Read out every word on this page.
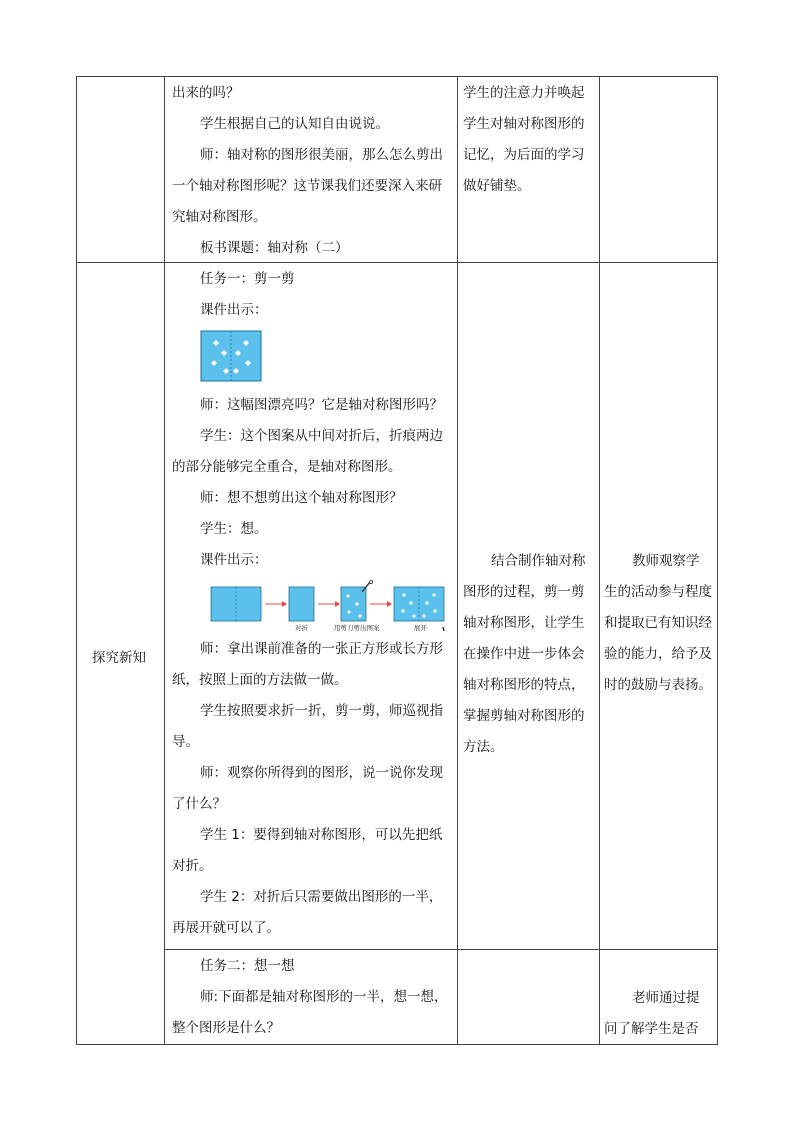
出来的吗？

学生根据自己的认知自由说说。

师：轴对称的图形很美丽，那么怎么剪出一个轴对称图形呢？这节课我们还要深入来研究轴对称图形。

板书课题：轴对称（二）

学生的注意力并唤起学生对轴对称图形的记忆，为后面的学习做好铺垫。

探究新知

任务一：剪一剪

课件出示：

师：这幅图漂亮吗？它是轴对称图形吗？

学生：这个图案从中间对折后，折痕两边的部分能够完全重合，是轴对称图形。

师：想不想剪出这个轴对称图形？

学生：想。

课件出示：

对折	用剪刀剪出图案	展开

师：拿出课前准备的一张正方形或长方形纸，按照上面的方法做一做。

学生按照要求折一折，剪一剪，师巡视指导。

师：观察你所得到的图形，说一说你发现了什么？

学生 1：要得到轴对称图形，可以先把纸对折。

学生 2：对折后只需要做出图形的一半，再展开就可以了。

结合制作轴对称图形的过程，剪一剪轴对称图形，让学生在操作中进一步体会轴对称图形的特点，掌握剪轴对称图形的方法。

教师观察学生的活动参与程度和提取已有知识经验的能力，给予及时的鼓励与表扬。

任务二：想一想

师:下面都是轴对称图形的一半，想一想，整个图形是什么？

老师通过提问了解学生是否
